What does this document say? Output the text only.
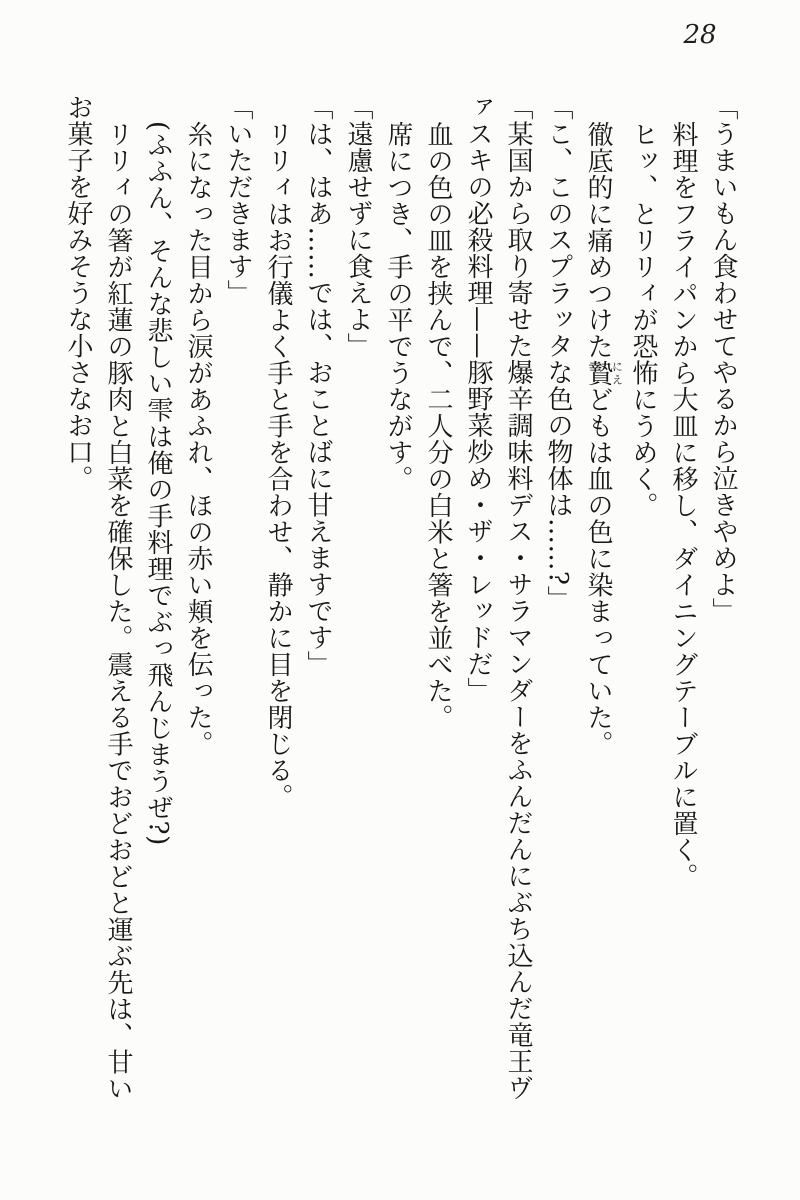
28

「うまいもん食わせてやるから泣きやめよ」

料理をフライパンから大皿に移し、ダイニングテーブルに置く。

ヒッ、とリリィが恐怖にうめく。

徹底的に痛めつけた贄にえどもは血の色に染まっていた。

「こ、このスプラッタな色の物体は……?」

「某国から取り寄せた爆辛調味料デス・サラマンダーをふんだんにぶち込んだ竜王ヴ

ァスキの必殺料理——豚野菜炒め・ザ・レッドだ」

血の色の皿を挟んで、二人分の白米と箸を並べた。

席につき、手の平でうながす。

「遠慮せずに食えよ」

「は、はあ……では、おことばに甘えますです」

リリィはお行儀よく手と手を合わせ、静かに目を閉じる。

「いただきます」

糸になった目から涙があふれ、ほの赤い頬を伝った。

(ふふん、そんな悲しい雫は俺の手料理でぶっ飛んじまうぜ?)

リリィの箸が紅蓮の豚肉と白菜を確保した。震える手でおどおどと運ぶ先は、甘い

お菓子を好みそうな小さなお口。
